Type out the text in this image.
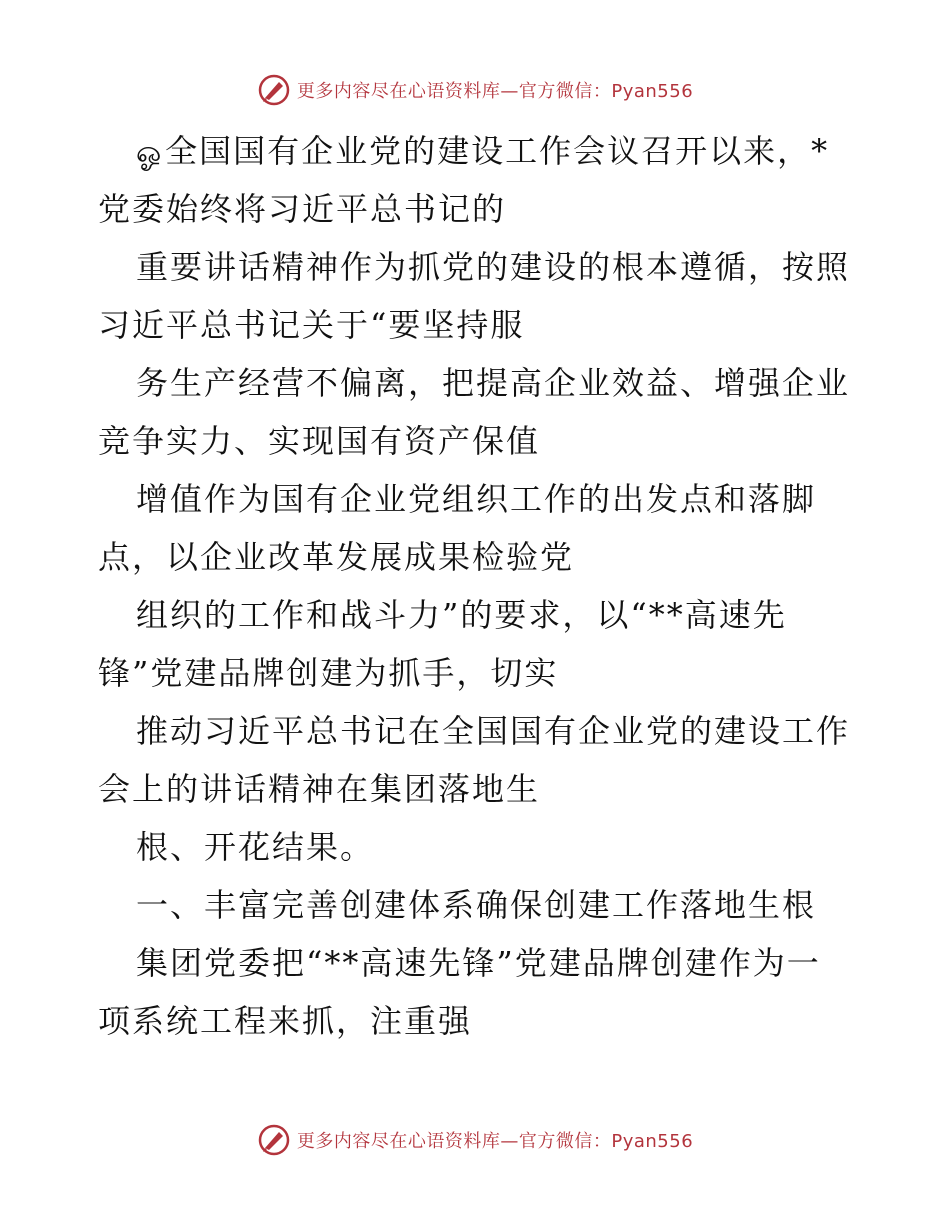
更多内容尽在心语资料库—官方微信：Pyan556
ஓ全国国有企业党的建设工作会议召开以来，*
党委始终将习近平总书记的
重要讲话精神作为抓党的建设的根本遵循，按照
习近平总书记关于“要坚持服
务生产经营不偏离，把提高企业效益、增强企业
竞争实力、实现国有资产保值
增值作为国有企业党组织工作的出发点和落脚
点，以企业改革发展成果检验党
组织的工作和战斗力”的要求，以“**高速先
锋”党建品牌创建为抓手，切实
推动习近平总书记在全国国有企业党的建设工作
会上的讲话精神在集团落地生
根、开花结果。
一、丰富完善创建体系确保创建工作落地生根
集团党委把“**高速先锋”党建品牌创建作为一
项系统工程来抓，注重强
更多内容尽在心语资料库—官方微信：Pyan556
